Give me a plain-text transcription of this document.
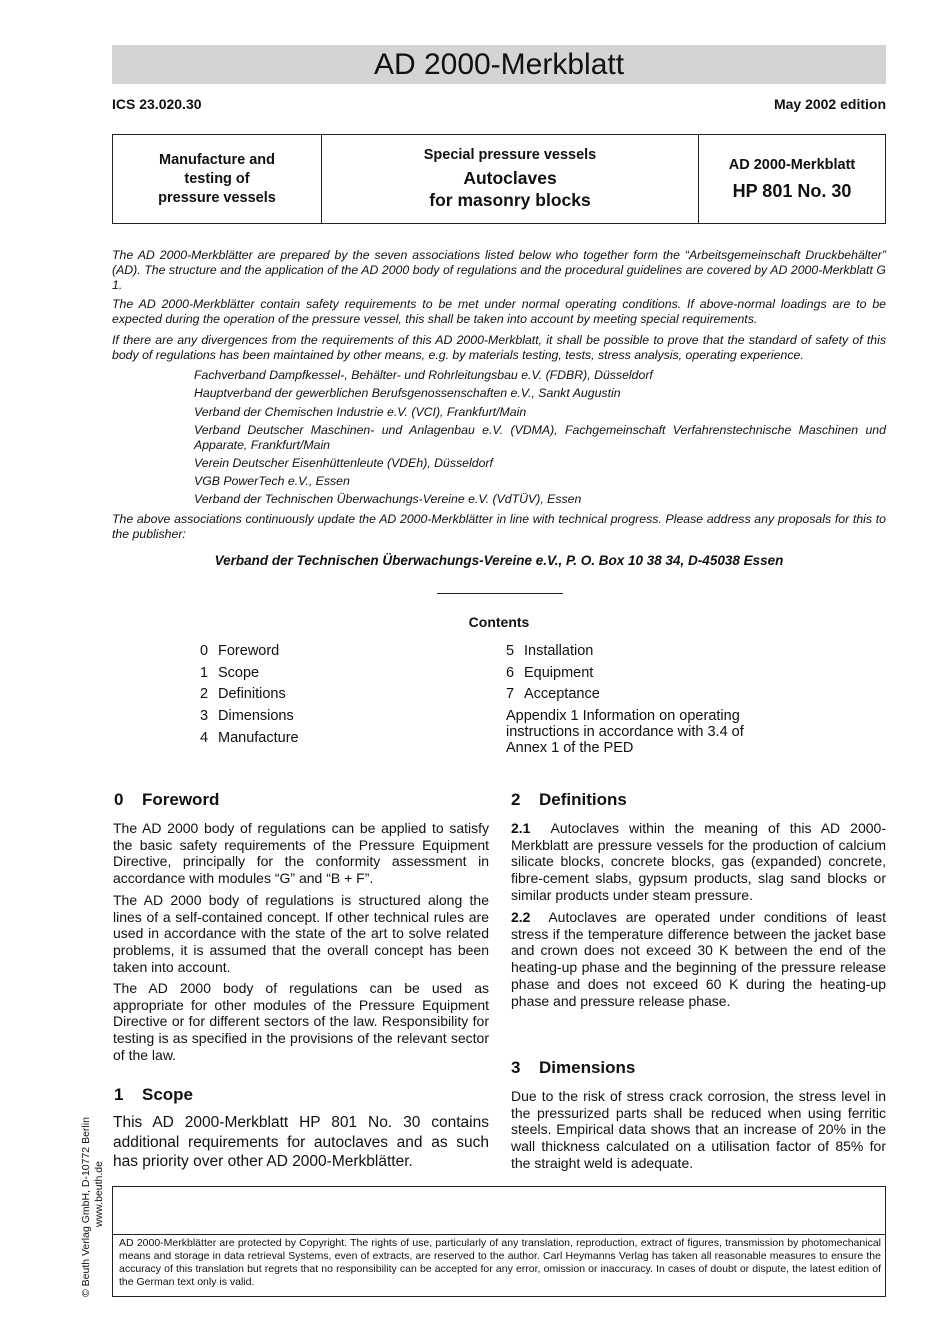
AD 2000-Merkblatt
ICS 23.020.30	May 2002 edition
Manufacture and
testing of
pressure vessels
Special pressure vessels
Autoclaves
for masonry blocks
AD 2000-Merkblatt
HP 801 No. 30

The AD 2000-Merkblätter are prepared by the seven associations listed below who together form the “Arbeitsgemeinschaft Druckbehälter” (AD). The structure and the application of the AD 2000 body of regulations and the procedural guidelines are covered by AD 2000-Merkblatt G 1.

The AD 2000-Merkblätter contain safety requirements to be met under normal operating conditions. If above-normal loadings are to be expected during the operation of the pressure vessel, this shall be taken into account by meeting special requirements.

If there are any divergences from the requirements of this AD 2000-Merkblatt, it shall be possible to prove that the standard of safety of this body of regulations has been maintained by other means, e.g. by materials testing, tests, stress analysis, operating experience.

Fachverband Dampfkessel-, Behälter- und Rohrleitungsbau e.V. (FDBR), Düsseldorf

Hauptverband der gewerblichen Berufsgenossenschaften e.V., Sankt Augustin

Verband der Chemischen Industrie e.V. (VCI), Frankfurt/Main

Verband Deutscher Maschinen- und Anlagenbau e.V. (VDMA), Fachgemeinschaft Verfahrenstechnische Maschinen und Apparate, Frankfurt/Main

Verein Deutscher Eisenhüttenleute (VDEh), Düsseldorf

VGB PowerTech e.V., Essen

Verband der Technischen Überwachungs-Vereine e.V. (VdTÜV), Essen

The above associations continuously update the AD 2000-Merkblätter in line with technical progress. Please address any proposals for this to the publisher:

Verband der Technischen Überwachungs-Vereine e.V., P. O. Box 10 38 34, D-45038 Essen
Contents
0 Foreword
1 Scope
2 Definitions
3 Dimensions
4 Manufacture
5 Installation
6 Equipment
7 Acceptance
Appendix 1 Information on operating instructions in accordance with 3.4 of Annex 1 of the PED
0 Foreword

The AD 2000 body of regulations can be applied to satisfy the basic safety requirements of the Pressure Equipment Directive, principally for the conformity assessment in accordance with modules “G” and “B + F”.

The AD 2000 body of regulations is structured along the lines of a self-contained concept. If other technical rules are used in accordance with the state of the art to solve related problems, it is assumed that the overall concept has been taken into account.

The AD 2000 body of regulations can be used as appropriate for other modules of the Pressure Equipment Directive or for different sectors of the law. Responsibility for testing is as specified in the provisions of the relevant sector of the law.

1 Scope

This AD 2000-Merkblatt HP 801 No. 30 contains additional requirements for autoclaves and as such has priority over other AD 2000-Merkblätter.

2 Definitions

2.1 Autoclaves within the meaning of this AD 2000-Merkblatt are pressure vessels for the production of calcium silicate blocks, concrete blocks, gas (expanded) concrete, fibre-cement slabs, gypsum products, slag sand blocks or similar products under steam pressure.

2.2 Autoclaves are operated under conditions of least stress if the temperature difference between the jacket base and crown does not exceed 30 K between the end of the heating-up phase and the beginning of the pressure release phase and does not exceed 60 K during the heating-up phase and pressure release phase.

3 Dimensions

Due to the risk of stress crack corrosion, the stress level in the pressurized parts shall be reduced when using ferritic steels. Empirical data shows that an increase of 20% in the wall thickness calculated on a utilisation factor of 85% for the straight weld is adequate.

AD 2000-Merkblätter are protected by Copyright. The rights of use, particularly of any translation, reproduction, extract of figures, transmission by photomechanical means and storage in data retrieval Systems, even of extracts, are reserved to the author. Carl Heymanns Verlag has taken all reasonable measures to ensure the accuracy of this translation but regrets that no responsibility can be accepted for any error, omission or inaccuracy. In cases of doubt or dispute, the latest edition of the German text only is valid.

© Beuth Verlag GmbH, D-10772 Berlin www.beuth.de
